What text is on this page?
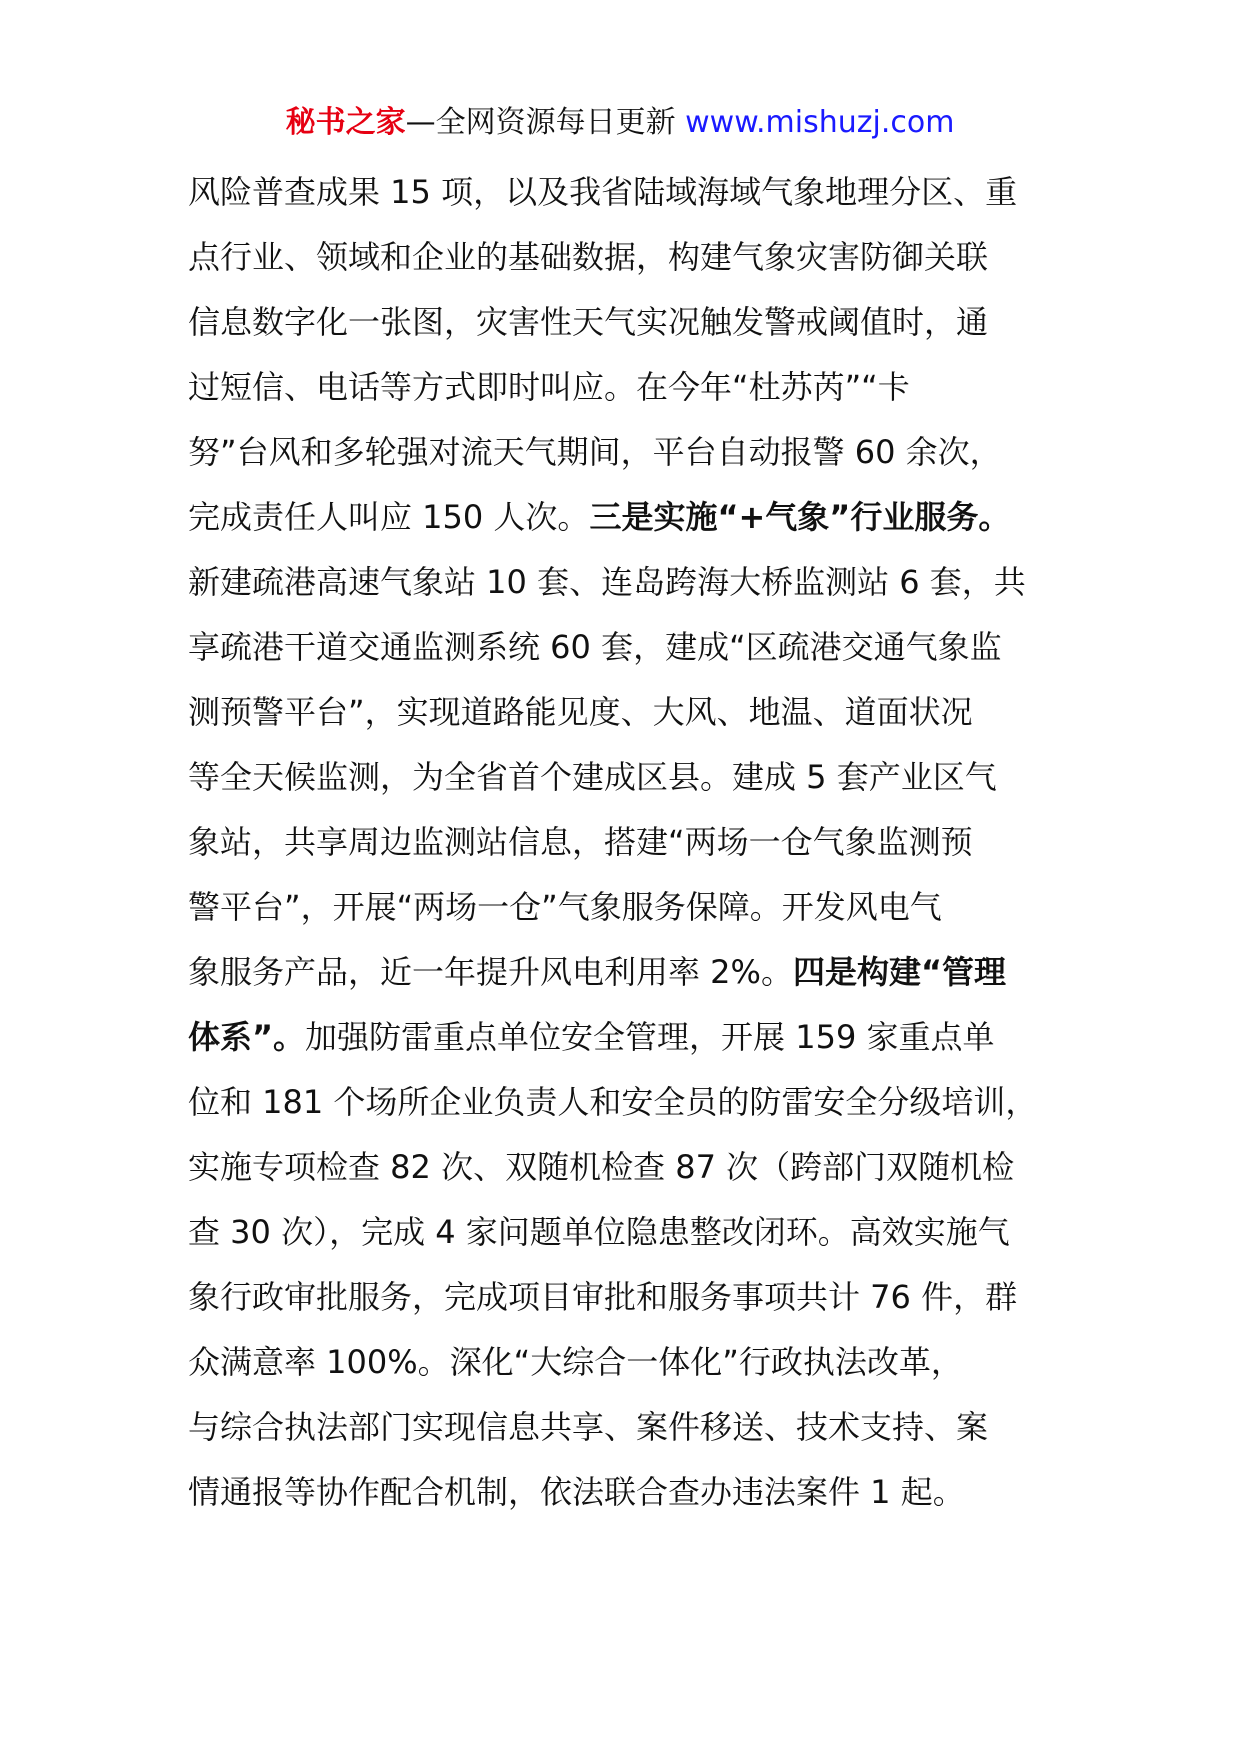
秘书之家—全网资源每日更新 www.mishuzj.com
风险普查成果 15 项，以及我省陆域海域气象地理分区、重
点行业、领域和企业的基础数据，构建气象灾害防御关联
信息数字化一张图，灾害性天气实况触发警戒阈值时，通
过短信、电话等方式即时叫应。在今年“杜苏芮”“卡
努”台风和多轮强对流天气期间，平台自动报警 60 余次，
完成责任人叫应 150 人次。三是实施“+气象”行业服务。
新建疏港高速气象站 10 套、连岛跨海大桥监测站 6 套，共
享疏港干道交通监测系统 60 套，建成“区疏港交通气象监
测预警平台”，实现道路能见度、大风、地温、道面状况
等全天候监测，为全省首个建成区县。建成 5 套产业区气
象站，共享周边监测站信息，搭建“两场一仓气象监测预
警平台”，开展“两场一仓”气象服务保障。开发风电气
象服务产品，近一年提升风电利用率 2%。四是构建“管理
体系”。加强防雷重点单位安全管理，开展 159 家重点单
位和 181 个场所企业负责人和安全员的防雷安全分级培训，
实施专项检查 82 次、双随机检查 87 次（跨部门双随机检
查 30 次），完成 4 家问题单位隐患整改闭环。高效实施气
象行政审批服务，完成项目审批和服务事项共计 76 件，群
众满意率 100%。深化“大综合一体化”行政执法改革，
与综合执法部门实现信息共享、案件移送、技术支持、案
情通报等协作配合机制，依法联合查办违法案件 1 起。
